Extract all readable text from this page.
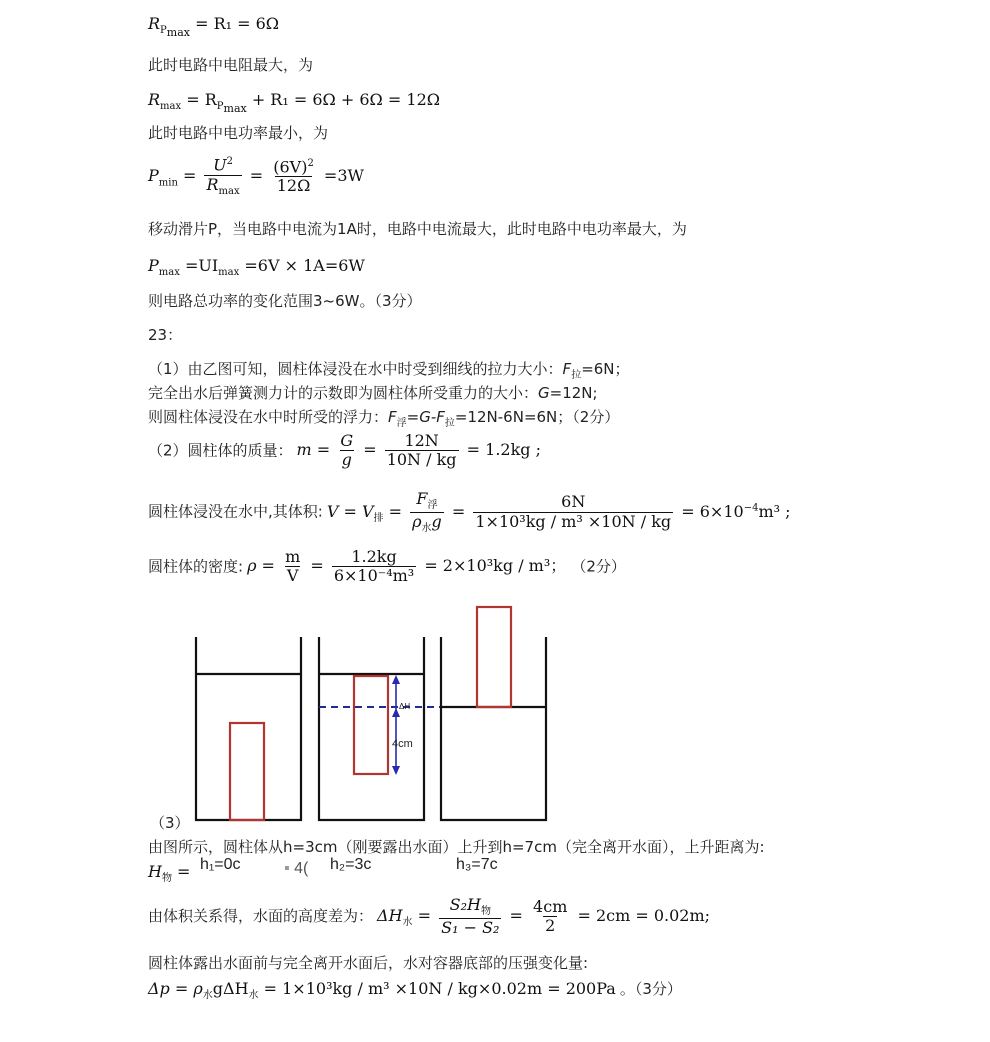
$R_{P_{max}} = R_1 = 6\Omega$
此时电路中电阻最大，为
$R_{max} = R_{P_{max}} + R_1 = 6\Omega + 6\Omega = 12\Omega$
此时电路中电功率最小，为
$P_{min} = \frac{U^2}{R_{max}} = \frac{(6V)^2}{12\Omega} =3W$
移动滑片P，当电路中电流为1A时，电路中电流最大，此时电路中电功率最大，为
$P_{max} =UI_{max} =6V \times 1A=6W$
则电路总功率的变化范围3~6W。（3分）
23：
（1）由乙图可知，圆柱体浸没在水中时受到细线的拉力大小：$F_拉=6N$；
完全出水后弹簧测力计的示数即为圆柱体所受重力的大小：G=12N;
则圆柱体浸没在水中时所受的浮力：$F_浮=G-F_拉=12N-6N=6N$；（2分）
（2）圆柱体的质量： $m = \frac{G}{g} = \frac{12N}{10N / kg} = 1.2kg$ ;
圆柱体浸没在水中,其体积: $V = V_排 = \frac{F_浮}{\rho_水g} = \frac{6N}{\text{1×10³kg / m³ ×10N / kg}} = 6\times 10^{-4}m^3$ ;
圆柱体的密度: $\rho = \frac{m}{V} = \frac{1.2kg}{\text{6×10⁻⁴m³}} = 2\times 10^3kg / m^3$； （2分）
ΔH
4cm
（3）
由图所示，圆柱体从h=3cm（刚要露出水面）上升到h=7cm（完全离开水面），上升距离为:
$H_物 = h_1=0c$	▪ 4(	h₂=3c	h₃=7c
由体积关系得，水面的高度差为： $\Delta H_水 = \frac{S_2H_物}{\text{S₁ − S₂}} = \frac{4cm}{2} = 2cm = 0.02m$;
圆柱体露出水面前与完全离开水面后，水对容器底部的压强变化量:
$\Delta p = \rho_水g\Delta H_水 = 1\times 10^3kg / m^3 \times 10N / kg\times 0.02m = 200Pa$ 。（3分）
